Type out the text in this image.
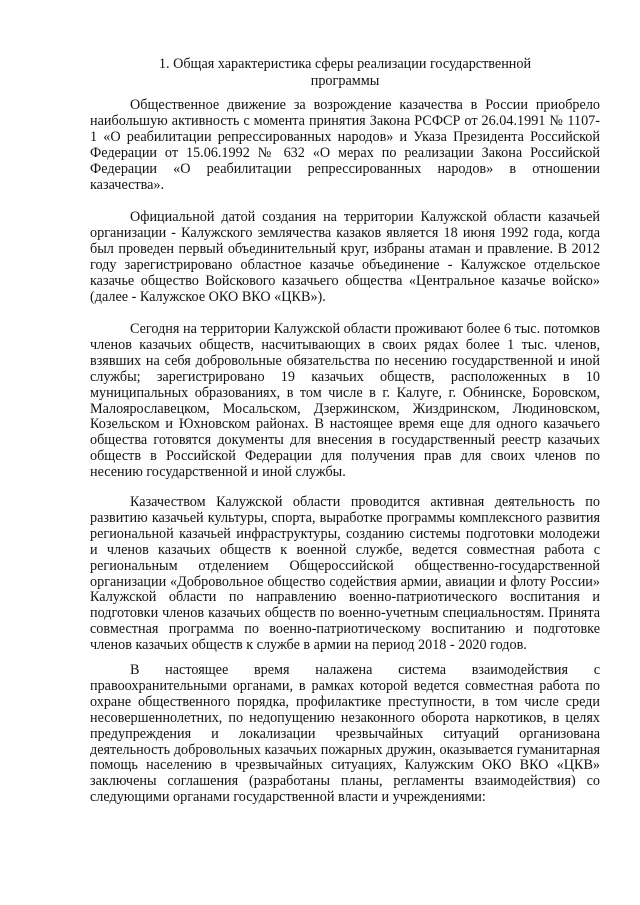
1. Общая характеристика сферы реализации государственной
программы

Общественное движение за возрождение казачества в России приобрело наибольшую активность с момента принятия Закона РСФСР от 26.04.1991 № 1107-1 «О реабилитации репрессированных народов» и Указа Президента Российской Федерации от 15.06.1992 № 632 «О мерах по реализации Закона Российской Федерации «О реабилитации репрессированных народов» в отношении казачества».

Официальной датой создания на территории Калужской области казачьей организации - Калужского землячества казаков является 18 июня 1992 года, когда был проведен первый объединительный круг, избраны атаман и правление. В 2012 году зарегистрировано областное казачье объединение - Калужское отдельское казачье общество Войскового казачьего общества «Центральное казачье войско» (далее - Калужское ОКО ВКО «ЦКВ»).

Сегодня на территории Калужской области проживают более 6 тыс. потомков членов казачьих обществ, насчитывающих в своих рядах более 1 тыс. членов, взявших на себя добровольные обязательства по несению государственной и иной службы; зарегистрировано 19 казачьих обществ, расположенных в 10 муниципальных образованиях, в том числе в г. Калуге, г. Обнинске, Боровском, Малоярославецком, Мосальском, Дзержинском, Жиздринском, Людиновском, Козельском и Юхновском районах. В настоящее время еще для одного казачьего общества готовятся документы для внесения в государственный реестр казачьих обществ в Российской Федерации для получения прав для своих членов по несению государственной и иной службы.

Казачеством Калужской области проводится активная деятельность по развитию казачьей культуры, спорта, выработке программы комплексного развития региональной казачьей инфраструктуры, созданию системы подготовки молодежи и членов казачьих обществ к военной службе, ведется совместная работа с региональным отделением Общероссийской общественно-государственной организации «Добровольное общество содействия армии, авиации и флоту России» Калужской области по направлению военно-патриотического воспитания и подготовки членов казачьих обществ по военно-учетным специальностям. Принята совместная программа по военно-патриотическому воспитанию и подготовке членов казачьих обществ к службе в армии на период 2018 - 2020 годов.

В настоящее время налажена система взаимодействия с правоохранительными органами, в рамках которой ведется совместная работа по охране общественного порядка, профилактике преступности, в том числе среди несовершеннолетних, по недопущению незаконного оборота наркотиков, в целях предупреждения и локализации чрезвычайных ситуаций организована деятельность добровольных казачьих пожарных дружин, оказывается гуманитарная помощь населению в чрезвычайных ситуациях, Калужским ОКО ВКО «ЦКВ» заключены соглашения (разработаны планы, регламенты взаимодействия) со следующими органами государственной власти и учреждениями:
